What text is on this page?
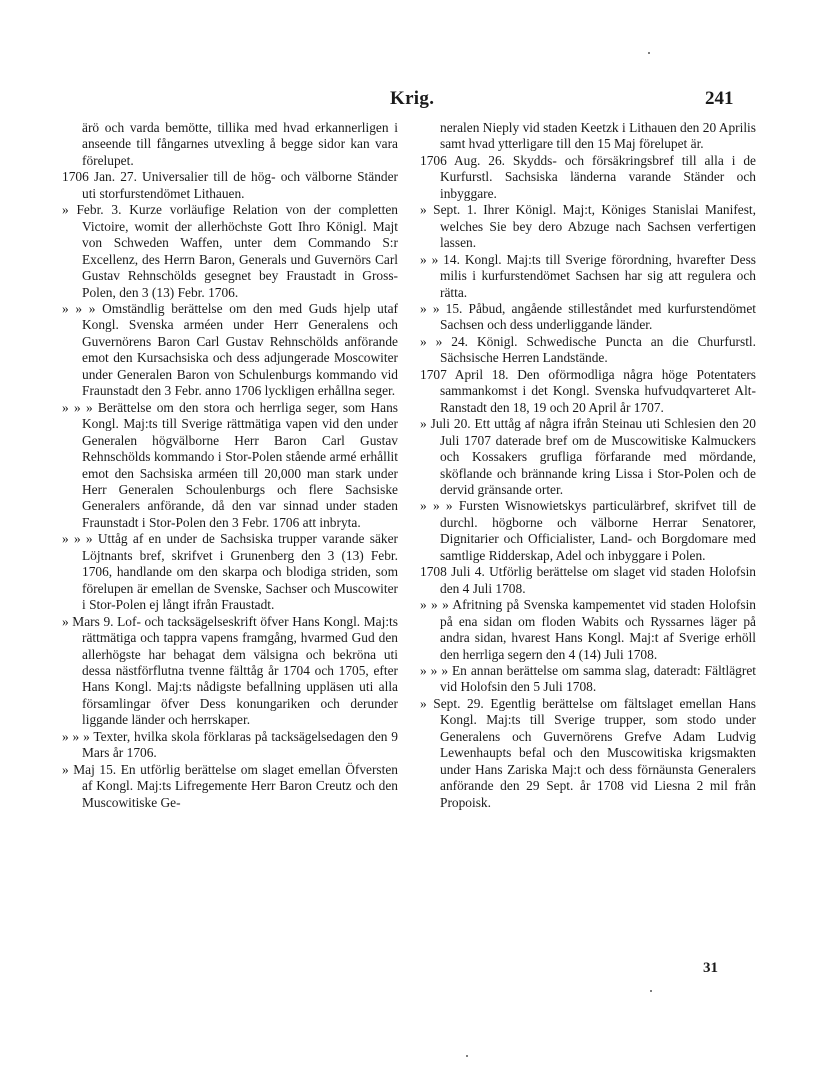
Krig.	241

ärö och varda bemötte, tillika med hvad erkannerligen i anseende till fångarnes utvexling å begge sidor kan vara förelupet.

1706 Jan. 27. Universalier till de hög- och välborne Ständer uti storfurstendömet Lithauen.

» Febr. 3. Kurze vorläufige Relation von der completten Victoire, womit der allerhöchste Gott Ihro Königl. Majt von Schweden Waffen, unter dem Commando S:r Excellenz, des Herrn Baron, Generals und Guvernörs Carl Gustav Rehnschölds gesegnet bey Fraustadt in Gross-Polen, den 3 (13) Febr. 1706.

» » » Omständlig berättelse om den med Guds hjelp utaf Kongl. Svenska arméen under Herr Generalens och Guvernörens Baron Carl Gustav Rehnschölds anförande emot den Kursachsiska och dess adjungerade Moscowiter under Generalen Baron von Schulenburgs kommando vid Fraunstadt den 3 Febr. anno 1706 lyckligen erhållna seger.

» » » Berättelse om den stora och herrliga seger, som Hans Kongl. Maj:ts till Sverige rättmätiga vapen vid den under Generalen högvälborne Herr Baron Carl Gustav Rehnschölds kommando i Stor-Polen stående armé erhållit emot den Sachsiska arméen till 20,000 man stark under Herr Generalen Schoulenburgs och flere Sachsiske Generalers anförande, då den var sinnad under staden Fraunstadt i Stor-Polen den 3 Febr. 1706 att inbryta.

» » » Uttåg af en under de Sachsiska trupper varande säker Löjtnants bref, skrifvet i Grunenberg den 3 (13) Febr. 1706, handlande om den skarpa och blodiga striden, som förelupen är emellan de Svenske, Sachser och Muscowiter i Stor-Polen ej långt ifrån Fraustadt.

» Mars 9. Lof- och tacksägelseskrift öfver Hans Kongl. Maj:ts rättmätiga och tappra vapens framgång, hvarmed Gud den allerhögste har behagat dem välsigna och bekröna uti dessa nästförflutna tvenne fälttåg år 1704 och 1705, efter Hans Kongl. Maj:ts nådigste befallning uppläsen uti alla församlingar öfver Dess konungariken och derunder liggande länder och herrskaper.

» » » Texter, hvilka skola förklaras på tacksägelsedagen den 9 Mars år 1706.

» Maj 15. En utförlig berättelse om slaget emellan Öfversten af Kongl. Maj:ts Lifregemente Herr Baron Creutz och den Muscowitiske Ge-

neralen Nieply vid staden Keetzk i Lithauen den 20 Aprilis samt hvad ytterligare till den 15 Maj förelupet är.

1706 Aug. 26. Skydds- och försäkringsbref till alla i de Kurfurstl. Sachsiska länderna varande Ständer och inbyggare.

» Sept. 1. Ihrer Königl. Maj:t, Königes Stanislai Manifest, welches Sie bey dero Abzuge nach Sachsen verfertigen lassen.

» » 14. Kongl. Maj:ts till Sverige förordning, hvarefter Dess milis i kurfurstendömet Sachsen har sig att regulera och rätta.

» » 15. Påbud, angående stilleståndet med kurfurstendömet Sachsen och dess underliggande länder.

» » 24. Königl. Schwedische Puncta an die Churfurstl. Sächsische Herren Landstände.

1707 April 18. Den oförmodliga några höge Potentaters sammankomst i det Kongl. Svenska hufvudqvarteret Alt-Ranstadt den 18, 19 och 20 April år 1707.

» Juli 20. Ett uttåg af några ifrån Steinau uti Schlesien den 20 Juli 1707 daterade bref om de Muscowitiske Kalmuckers och Kossakers grufliga förfarande med mördande, sköflande och brännande kring Lissa i Stor-Polen och de dervid gränsande orter.

» » » Fursten Wisnowietskys particulärbref, skrifvet till de durchl. högborne och välborne Herrar Senatorer, Dignitarier och Officialister, Land- och Borgdomare med samtlige Ridderskap, Adel och inbyggare i Polen.

1708 Juli 4. Utförlig berättelse om slaget vid staden Holofsin den 4 Juli 1708.

» » » Afritning på Svenska kampementet vid staden Holofsin på ena sidan om floden Wabits och Ryssarnes läger på andra sidan, hvarest Hans Kongl. Maj:t af Sverige erhöll den herrliga segern den 4 (14) Juli 1708.

» » » En annan berättelse om samma slag, dateradt: Fältlägret vid Holofsin den 5 Juli 1708.

» Sept. 29. Egentlig berättelse om fältslaget emellan Hans Kongl. Maj:ts till Sverige trupper, som stodo under Generalens och Guvernörens Grefve Adam Ludvig Lewenhaupts befal och den Muscowitiska krigsmakten under Hans Zariska Maj:t och dess förnäunsta Generalers anförande den 29 Sept. år 1708 vid Liesna 2 mil från Propoisk.

31
